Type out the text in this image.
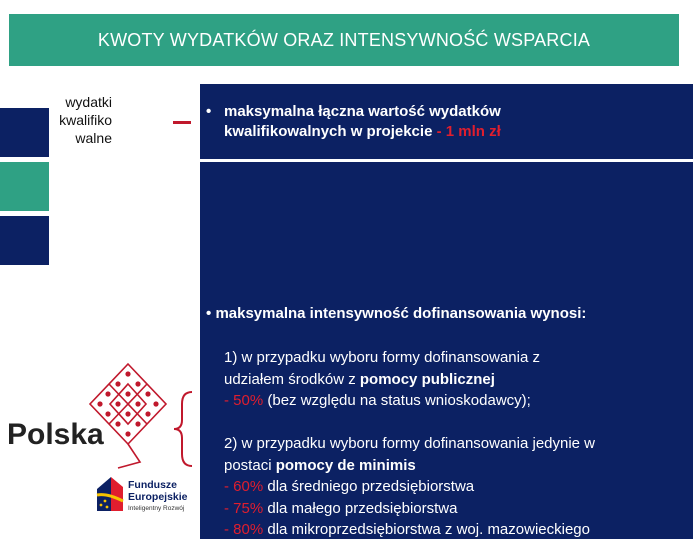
KWOTY WYDATKÓW ORAZ INTENSYWNOŚĆ WSPARCIA
wydatki
kwalifiko
walne
• maksymalna łączna wartość wydatków
kwalifikowalnych w projekcie - 1 mln zł
• maksymalna intensywność dofinansowania wynosi:
1) w przypadku wyboru formy dofinansowania z
udziałem środków z pomocy publicznej
- 50% (bez względu na status wnioskodawcy);
2) w przypadku wyboru formy dofinansowania jedynie w
postaci pomocy de minimis
- 60% dla średniego przedsiębiorstwa
- 75% dla małego przedsiębiorstwa
- 80% dla mikroprzedsiębiorstwa z woj. mazowieckiego
Polska
Fundusze
Europejskie
Inteligentny Rozwój
